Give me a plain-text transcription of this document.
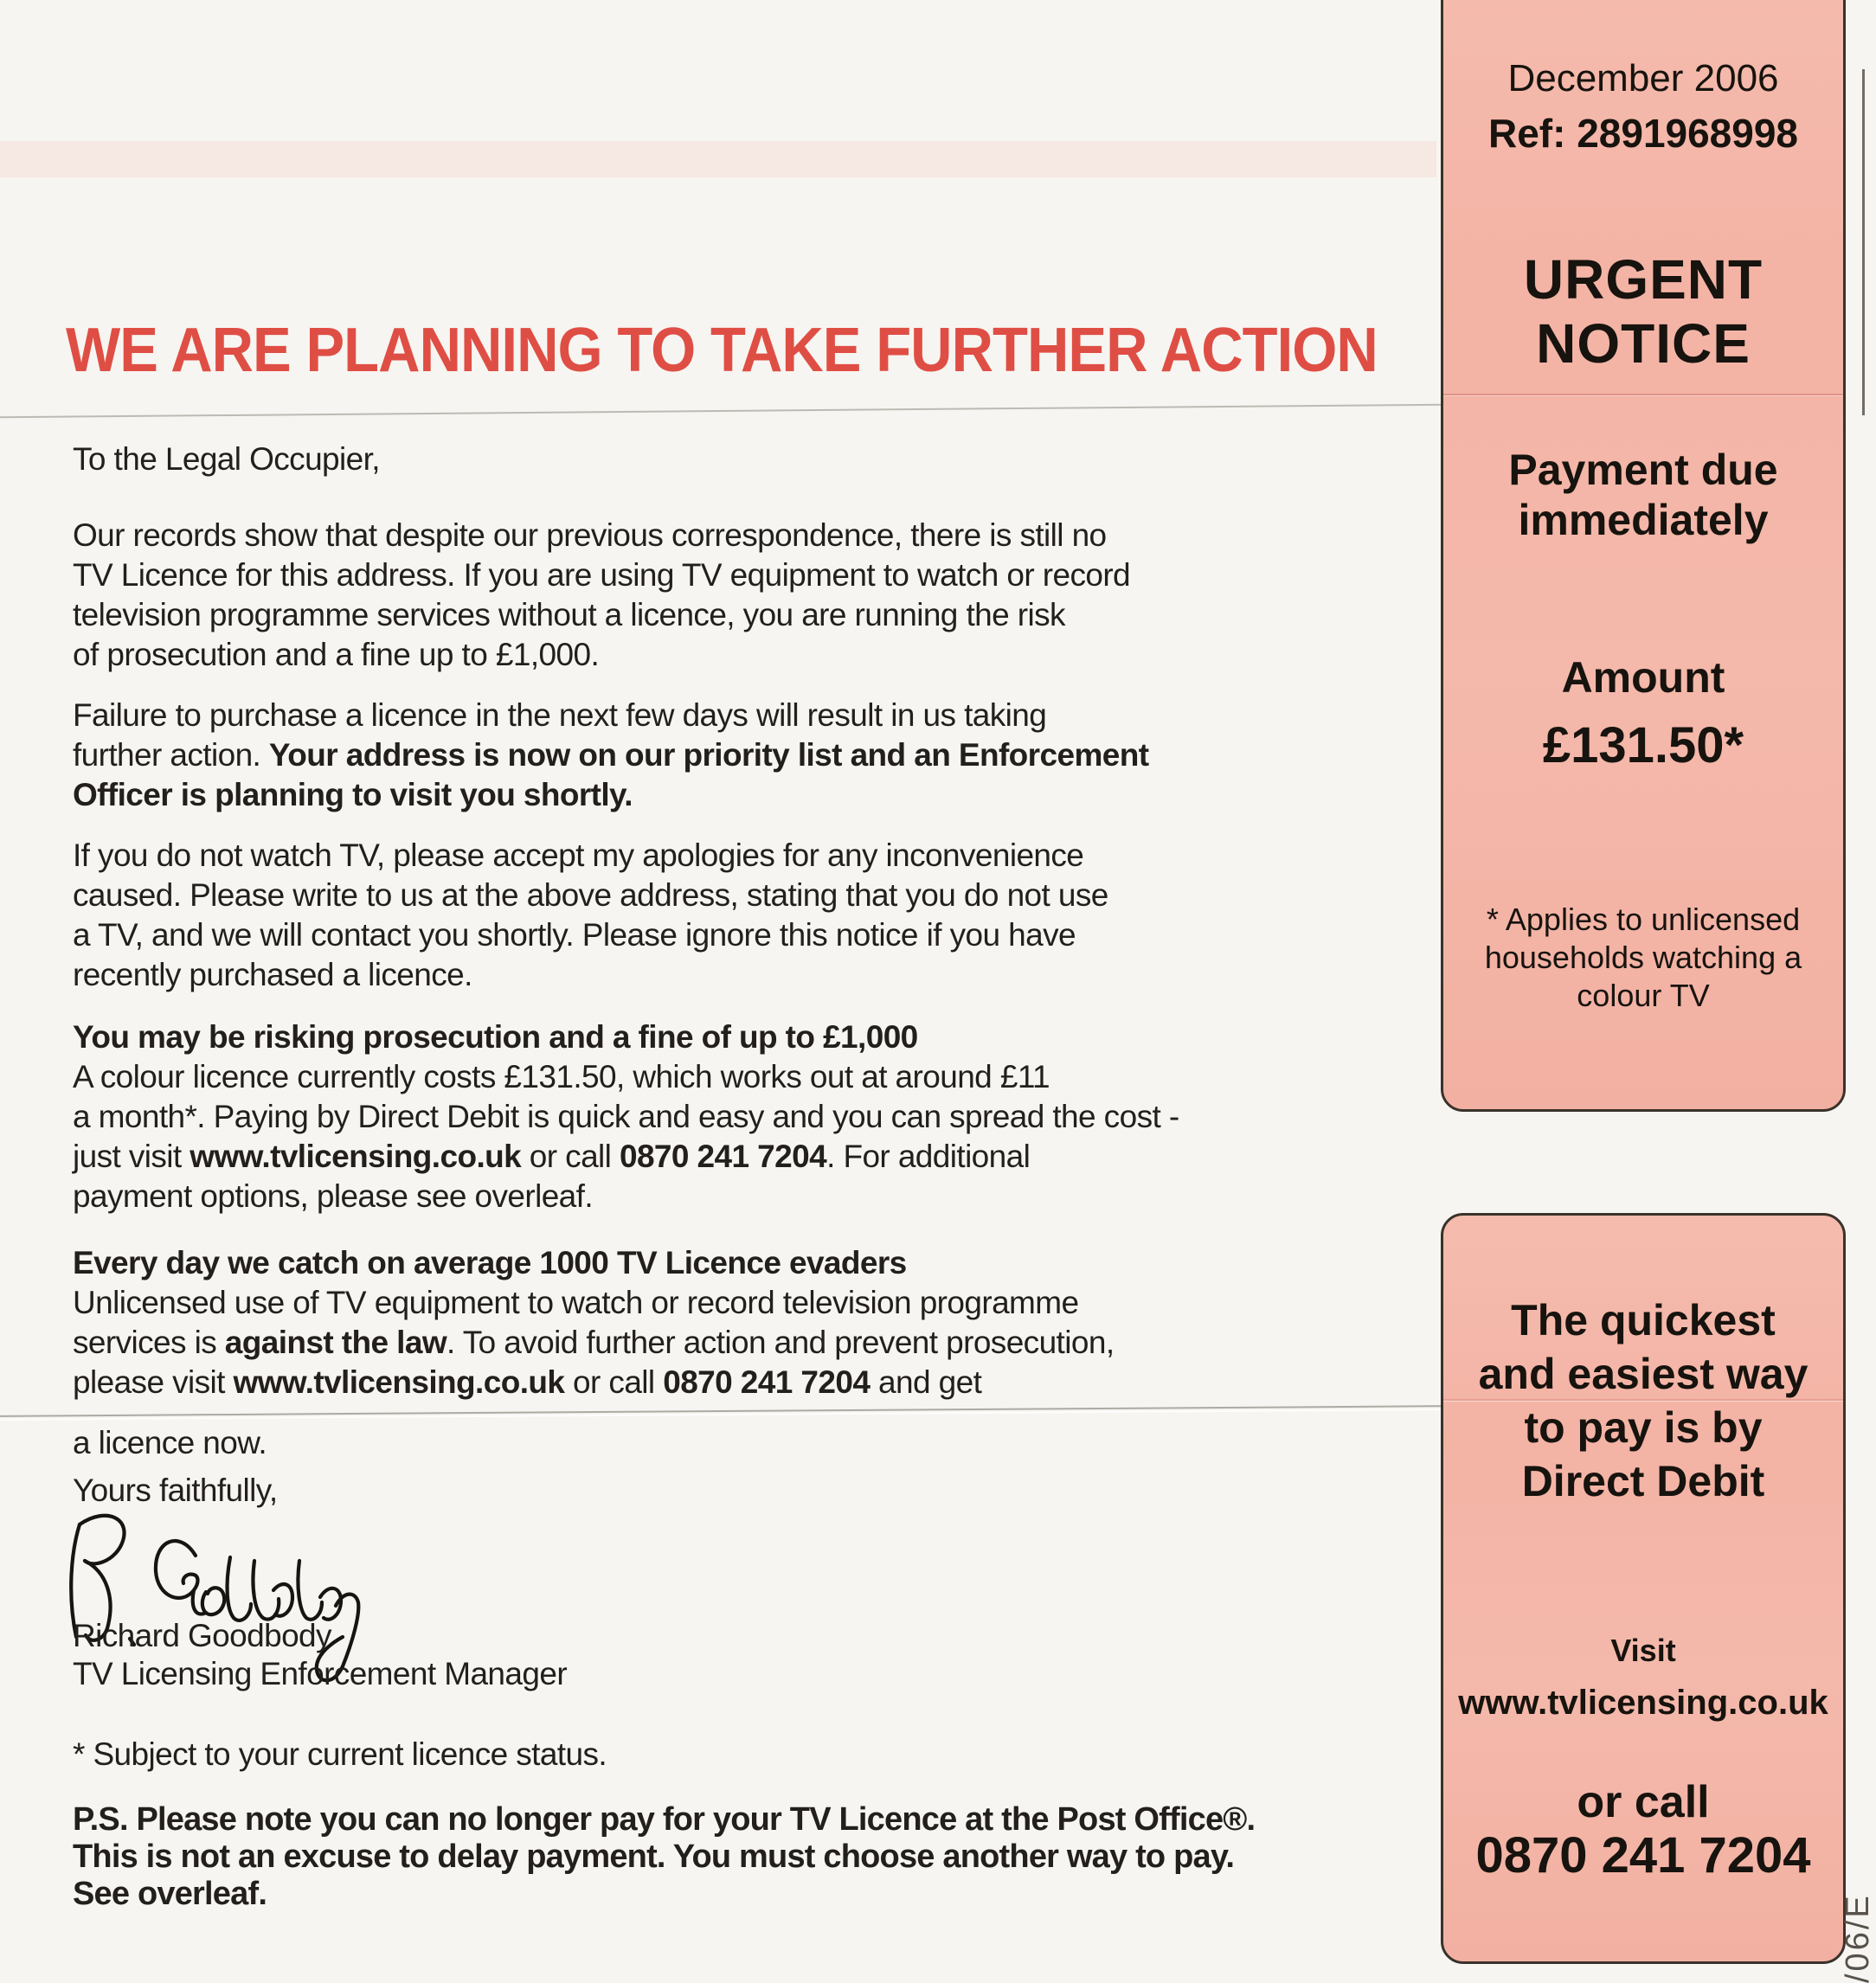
WE ARE PLANNING TO TAKE FURTHER ACTION
To the Legal Occupier,
Our records show that despite our previous correspondence, there is still no
TV Licence for this address. If you are using TV equipment to watch or record
television programme services without a licence, you are running the risk
of prosecution and a fine up to £1,000.
Failure to purchase a licence in the next few days will result in us taking
further action. Your address is now on our priority list and an Enforcement
Officer is planning to visit you shortly.
If you do not watch TV, please accept my apologies for any inconvenience
caused. Please write to us at the above address, stating that you do not use
a TV, and we will contact you shortly. Please ignore this notice if you have
recently purchased a licence.
You may be risking prosecution and a fine of up to £1,000
A colour licence currently costs £131.50, which works out at around £11
a month*. Paying by Direct Debit is quick and easy and you can spread the cost -
just visit www.tvlicensing.co.uk or call 0870 241 7204. For additional
payment options, please see overleaf.
Every day we catch on average 1000 TV Licence evaders
Unlicensed use of TV equipment to watch or record television programme
services is against the law. To avoid further action and prevent prosecution,
please visit www.tvlicensing.co.uk or call 0870 241 7204 and get
a licence now.
Yours faithfully,
Richard Goodbody
TV Licensing Enforcement Manager
* Subject to your current licence status.
P.S. Please note you can no longer pay for your TV Licence at the Post Office®.
This is not an excuse to delay payment. You must choose another way to pay.
See overleaf.
December 2006
Ref: 2891968998
URGENT
NOTICE
Payment due
immediately
Amount
£131.50*
* Applies to unlicensed
households watching a
colour TV
The quickest
and easiest way
to pay is by
Direct Debit
Visit
www.tvlicensing.co.uk
or call
0870 241 7204
/06/E
